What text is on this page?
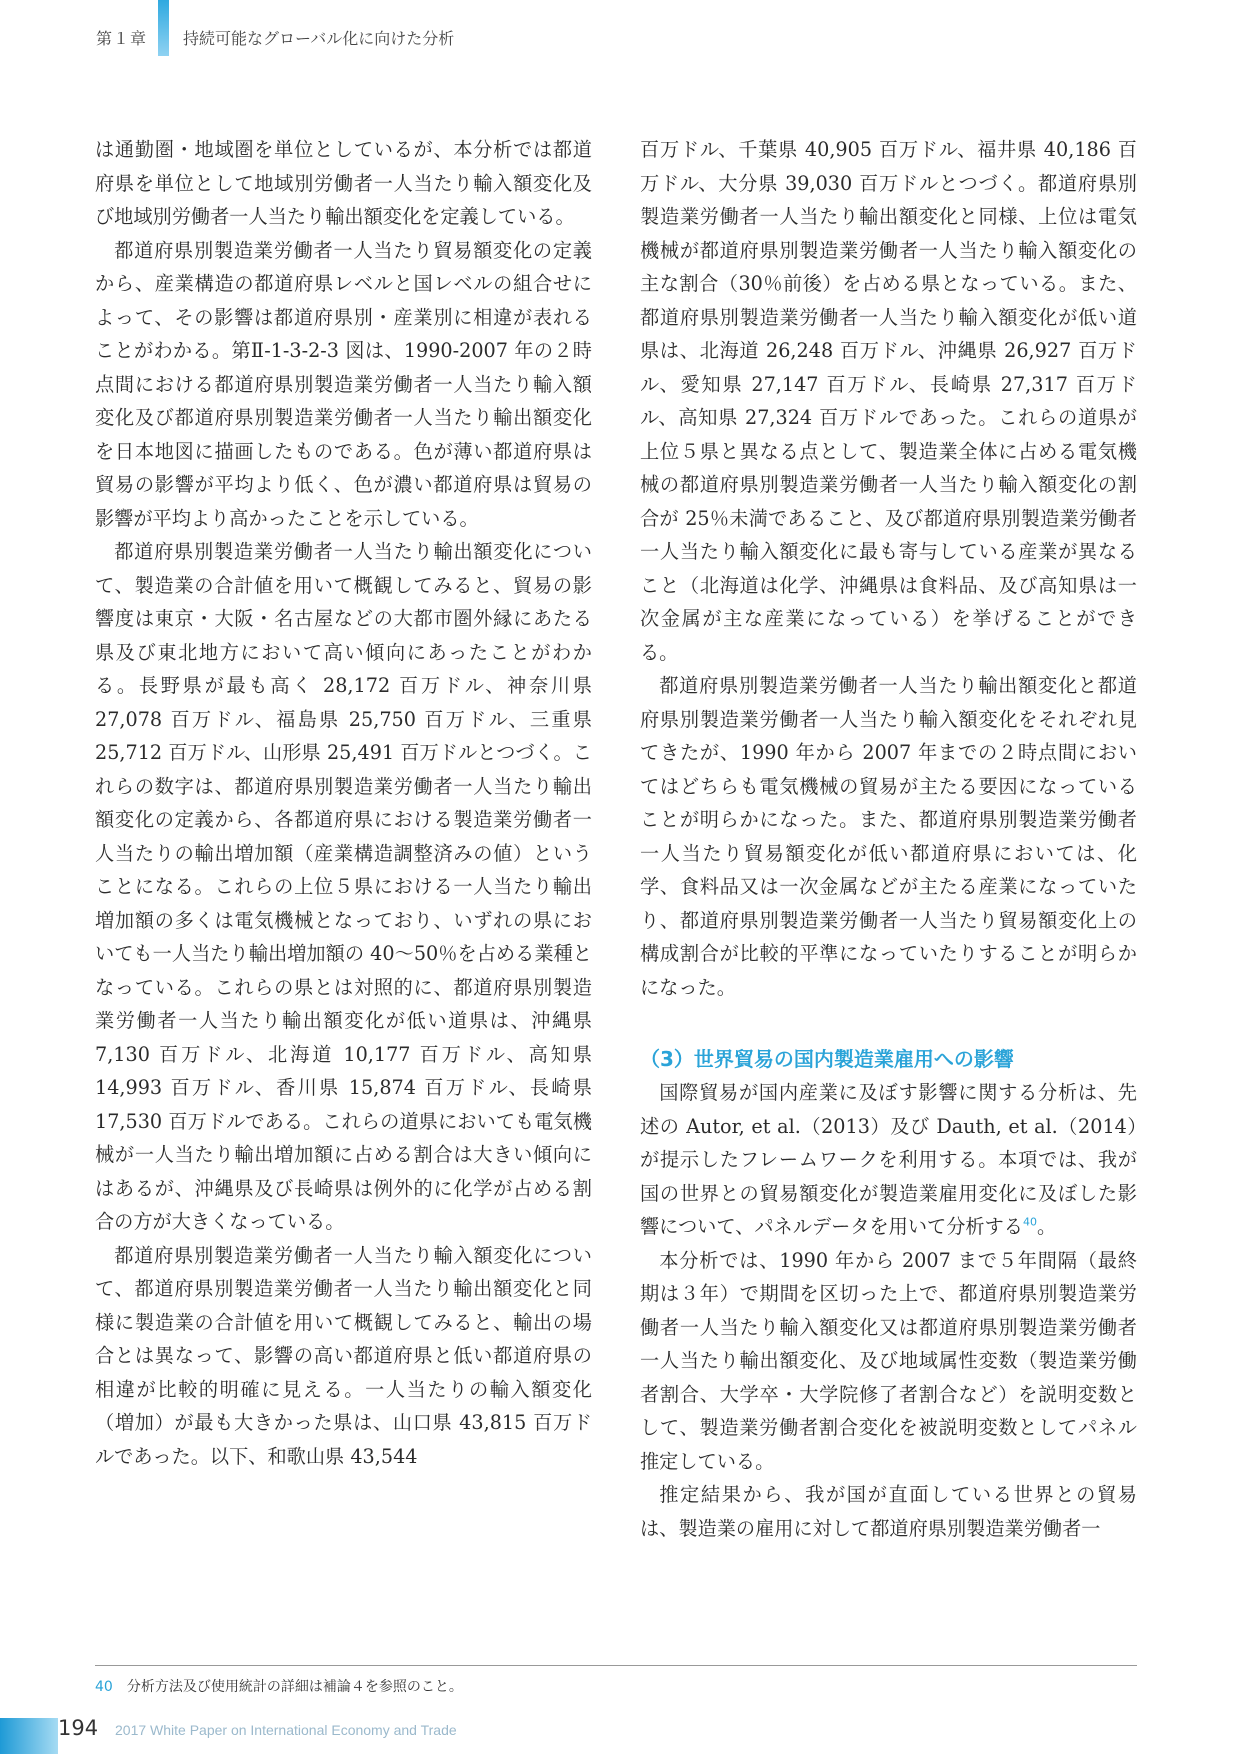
第１章 持続可能なグローバル化に向けた分析

は通勤圏・地域圏を単位としているが、本分析では都道府県を単位として地域別労働者一人当たり輸入額変化及び地域別労働者一人当たり輸出額変化を定義している。

都道府県別製造業労働者一人当たり貿易額変化の定義から、産業構造の都道府県レベルと国レベルの組合せによって、その影響は都道府県別・産業別に相違が表れることがわかる。第Ⅱ-1-3-2-3 図は、1990-2007 年の２時点間における都道府県別製造業労働者一人当たり輸入額変化及び都道府県別製造業労働者一人当たり輸出額変化を日本地図に描画したものである。色が薄い都道府県は貿易の影響が平均より低く、色が濃い都道府県は貿易の影響が平均より高かったことを示している。

都道府県別製造業労働者一人当たり輸出額変化について、製造業の合計値を用いて概観してみると、貿易の影響度は東京・大阪・名古屋などの大都市圏外縁にあたる県及び東北地方において高い傾向にあったことがわかる。長野県が最も高く 28,172 百万ドル、神奈川県 27,078 百万ドル、福島県 25,750 百万ドル、三重県 25,712 百万ドル、山形県 25,491 百万ドルとつづく。これらの数字は、都道府県別製造業労働者一人当たり輸出額変化の定義から、各都道府県における製造業労働者一人当たりの輸出増加額（産業構造調整済みの値）ということになる。これらの上位５県における一人当たり輸出増加額の多くは電気機械となっており、いずれの県においても一人当たり輸出増加額の 40～50％を占める業種となっている。これらの県とは対照的に、都道府県別製造業労働者一人当たり輸出額変化が低い道県は、沖縄県 7,130 百万ドル、北海道 10,177 百万ドル、高知県 14,993 百万ドル、香川県 15,874 百万ドル、長崎県 17,530 百万ドルである。これらの道県においても電気機械が一人当たり輸出増加額に占める割合は大きい傾向にはあるが、沖縄県及び長崎県は例外的に化学が占める割合の方が大きくなっている。

都道府県別製造業労働者一人当たり輸入額変化について、都道府県別製造業労働者一人当たり輸出額変化と同様に製造業の合計値を用いて概観してみると、輸出の場合とは異なって、影響の高い都道府県と低い都道府県の相違が比較的明確に見える。一人当たりの輸入額変化（増加）が最も大きかった県は、山口県 43,815 百万ドルであった。以下、和歌山県 43,544

百万ドル、千葉県 40,905 百万ドル、福井県 40,186 百万ドル、大分県 39,030 百万ドルとつづく。都道府県別製造業労働者一人当たり輸出額変化と同様、上位は電気機械が都道府県別製造業労働者一人当たり輸入額変化の主な割合（30％前後）を占める県となっている。また、都道府県別製造業労働者一人当たり輸入額変化が低い道県は、北海道 26,248 百万ドル、沖縄県 26,927 百万ドル、愛知県 27,147 百万ドル、長崎県 27,317 百万ドル、高知県 27,324 百万ドルであった。これらの道県が上位５県と異なる点として、製造業全体に占める電気機械の都道府県別製造業労働者一人当たり輸入額変化の割合が 25％未満であること、及び都道府県別製造業労働者一人当たり輸入額変化に最も寄与している産業が異なること（北海道は化学、沖縄県は食料品、及び高知県は一次金属が主な産業になっている）を挙げることができる。

都道府県別製造業労働者一人当たり輸出額変化と都道府県別製造業労働者一人当たり輸入額変化をそれぞれ見てきたが、1990 年から 2007 年までの２時点間においてはどちらも電気機械の貿易が主たる要因になっていることが明らかになった。また、都道府県別製造業労働者一人当たり貿易額変化が低い都道府県においては、化学、食料品又は一次金属などが主たる産業になっていたり、都道府県別製造業労働者一人当たり貿易額変化上の構成割合が比較的平準になっていたりすることが明らかになった。

（3）世界貿易の国内製造業雇用への影響

国際貿易が国内産業に及ぼす影響に関する分析は、先述の Autor, et al.（2013）及び Dauth, et al.（2014）が提示したフレームワークを利用する。本項では、我が国の世界との貿易額変化が製造業雇用変化に及ぼした影響について、パネルデータを用いて分析する$^{40}$。

本分析では、1990 年から 2007 まで５年間隔（最終期は３年）で期間を区切った上で、都道府県別製造業労働者一人当たり輸入額変化又は都道府県別製造業労働者一人当たり輸出額変化、及び地域属性変数（製造業労働者割合、大学卒・大学院修了者割合など）を説明変数として、製造業労働者割合変化を被説明変数としてパネル推定している。

推定結果から、我が国が直面している世界との貿易は、製造業の雇用に対して都道府県別製造業労働者一

40 分析方法及び使用統計の詳細は補論４を参照のこと。
194 2017 White Paper on International Economy and Trade
